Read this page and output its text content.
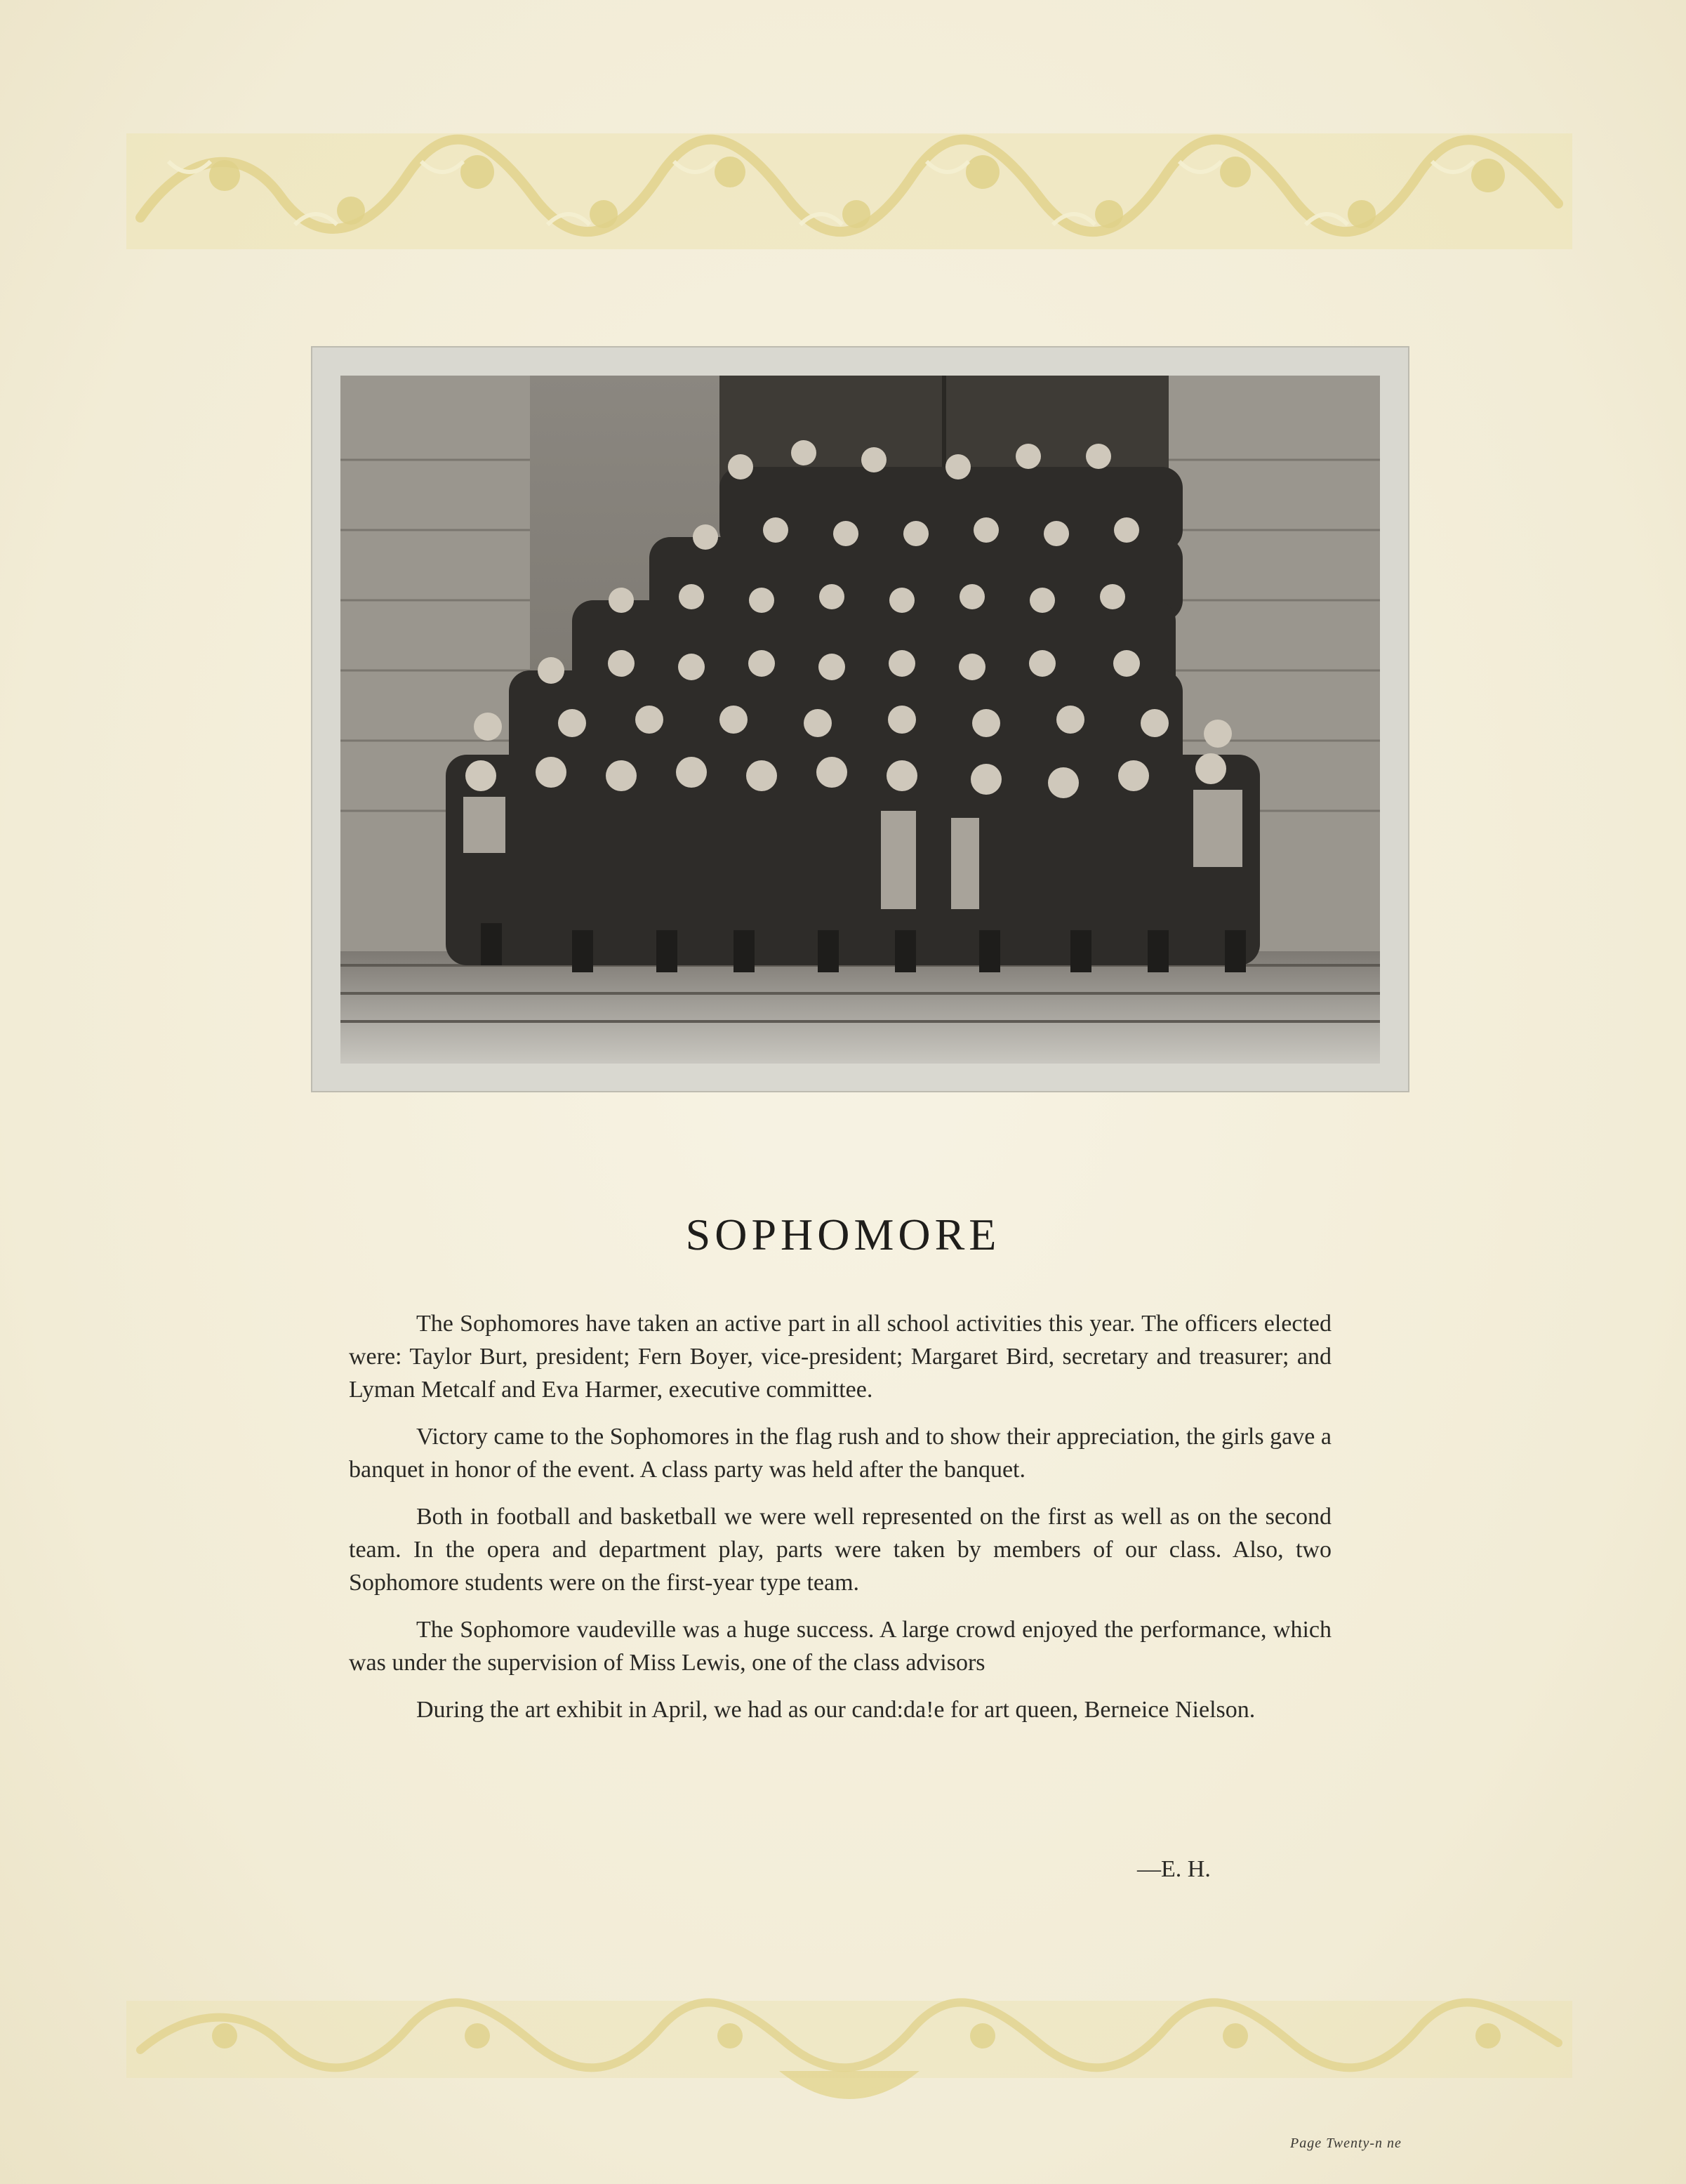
SOPHOMORE

The Sophomores have taken an active part in all school activities this year. The officers elected were: Taylor Burt, president; Fern Boyer, vice-president; Margaret Bird, secretary and treasurer; and Lyman Metcalf and Eva Harmer, executive committee.

Victory came to the Sophomores in the flag rush and to show their appreciation, the girls gave a banquet in honor of the event. A class party was held after the banquet.

Both in football and basketball we were well represented on the first as well as on the second team. In the opera and department play, parts were taken by members of our class. Also, two Sophomore students were on the first-year type team.

The Sophomore vaudeville was a huge success. A large crowd enjoyed the performance, which was under the supervision of Miss Lewis, one of the class advisors

During the art exhibit in April, we had as our cand:da!e for art queen, Berneice Nielson.

—E. H.
Page Twenty-n ne
